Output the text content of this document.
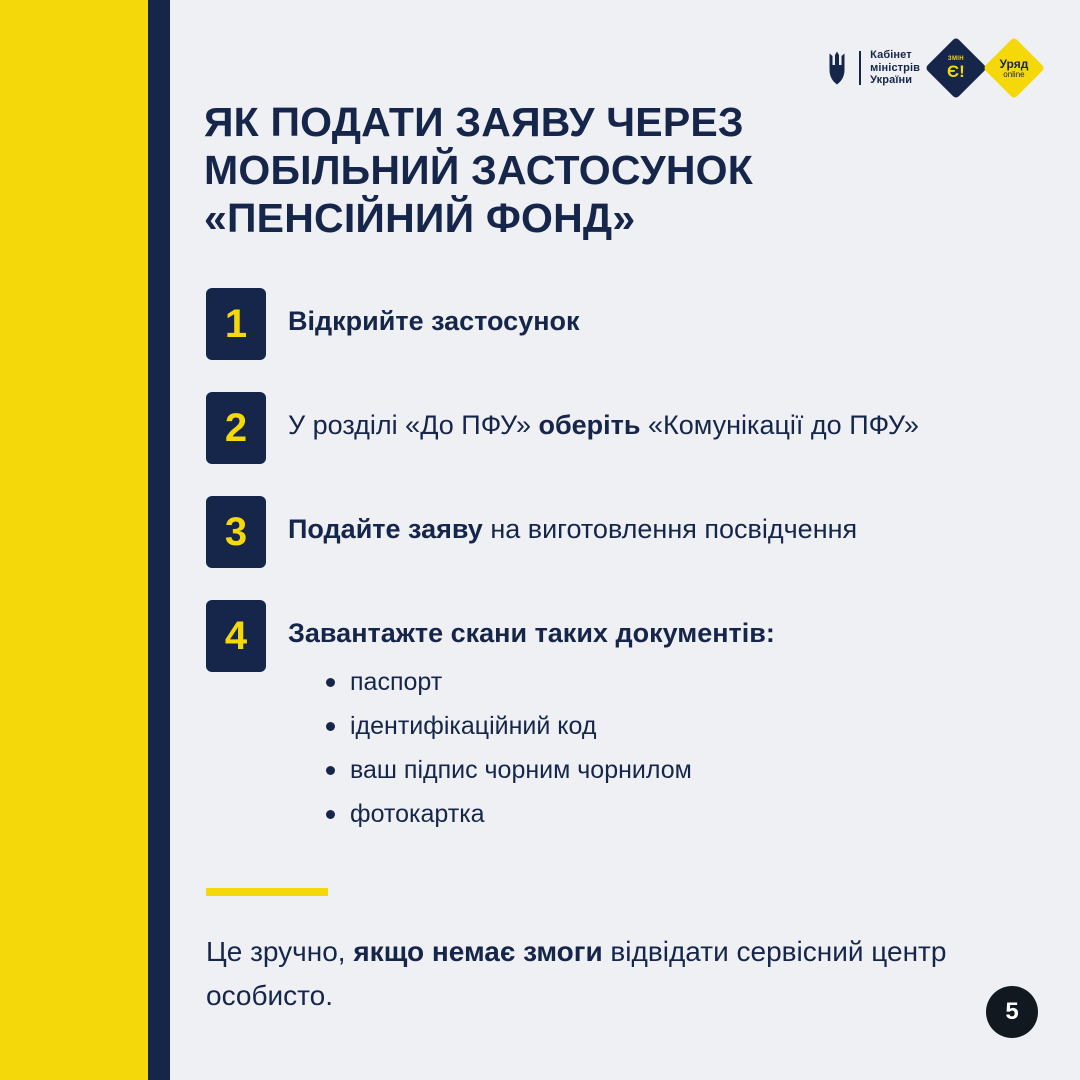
Кабінет
міністрів
України
ЗМІН
Є!	Уряд
online
ЯК ПОДАТИ ЗАЯВУ ЧЕРЕЗ МОБІЛЬНИЙ ЗАСТОСУНОК «ПЕНСІЙНИЙ ФОНД»
1	Відкрийте застосунок
2	У розділі «До ПФУ» оберіть «Комунікації до ПФУ»
3	Подайте заяву на виготовлення посвідчення
4	Завантажте скани таких документів:
паспорт
ідентифікаційний код
ваш підпис чорним чорнилом
фотокартка
Це зручно, якщо немає змоги відвідати сервісний центр особисто.
5
